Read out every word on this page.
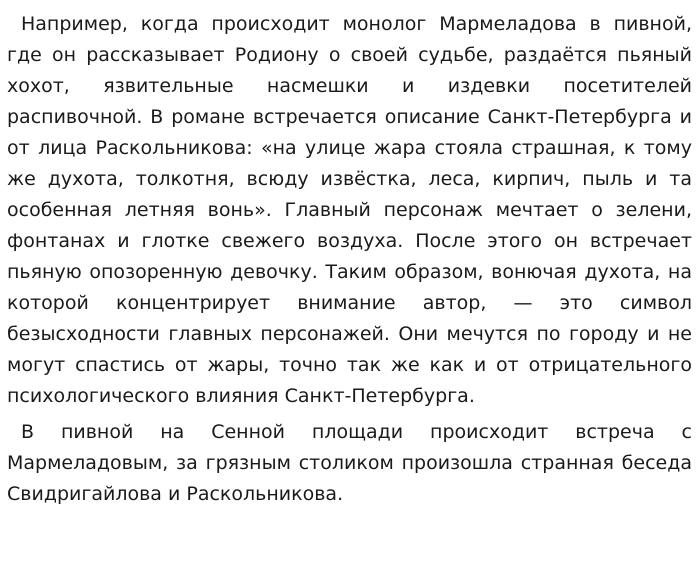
Например, когда происходит монолог Мармеладова в пивной, где он рассказывает Родиону о своей судьбе, раздаётся пьяный хохот, язвительные насмешки и издевки посетителей распивочной. В романе встречается описание Санкт-Петербурга и от лица Раскольникова: «на улице жара стояла страшная, к тому же духота, толкотня, всюду извёстка, леса, кирпич, пыль и та особенная летняя вонь». Главный персонаж мечтает о зелени, фонтанах и глотке свежего воздуха. После этого он встречает пьяную опозоренную девочку. Таким образом, вонючая духота, на которой концентрирует внимание автор, — это символ безысходности главных персонажей. Они мечутся по городу и не могут спастись от жары, точно так же как и от отрицательного психологического влияния Санкт-Петербурга.

В пивной на Сенной площади происходит встреча с Мармеладовым, за грязным столиком произошла странная беседа Свидригайлова и Раскольникова.
